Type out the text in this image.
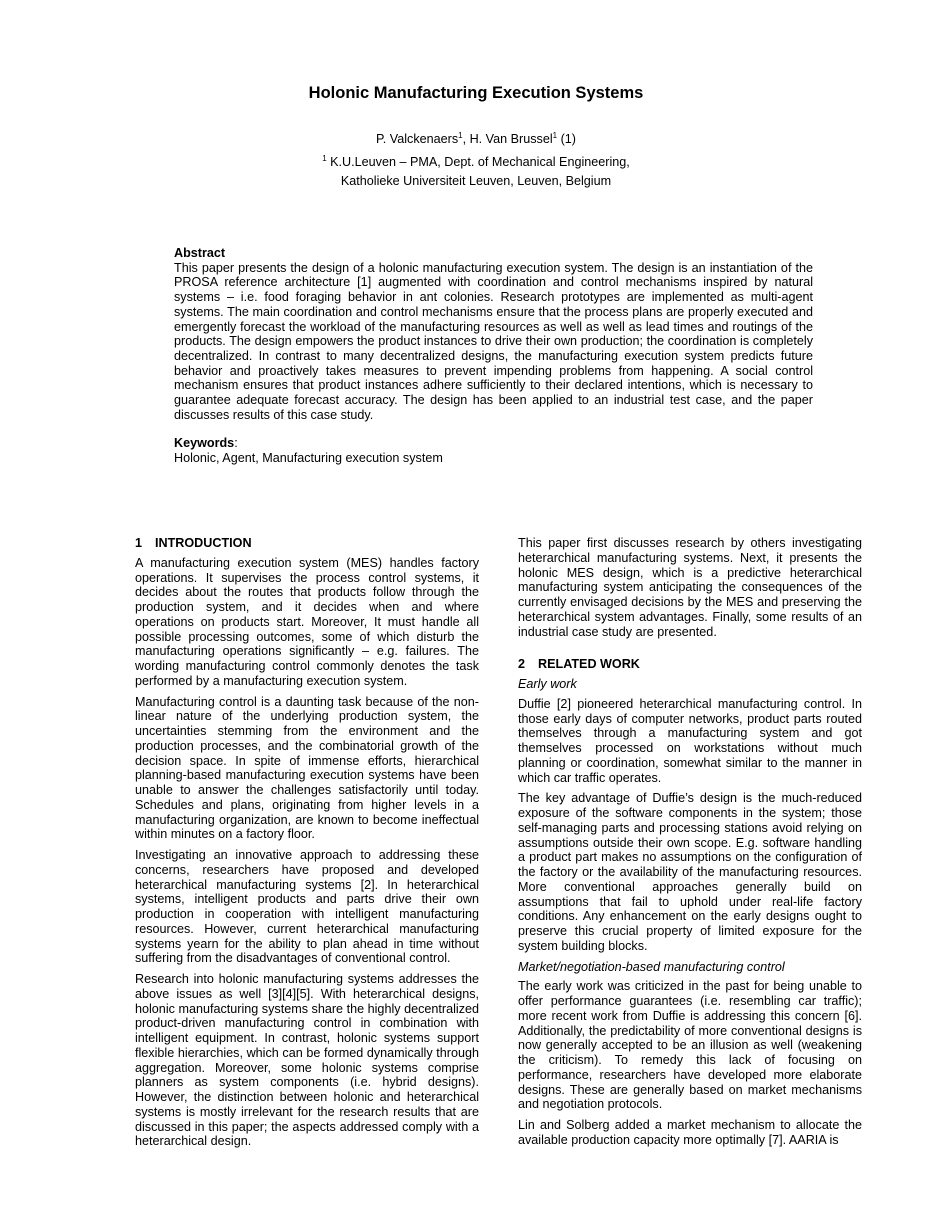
Holonic Manufacturing Execution Systems
P. Valckenaers$^1$, H. Van Brussel$^1$ (1)
$^1$ K.U.Leuven – PMA, Dept. of Mechanical Engineering,
Katholieke Universiteit Leuven, Leuven, Belgium
Abstract

This paper presents the design of a holonic manufacturing execution system. The design is an instantiation of the PROSA reference architecture [1] augmented with coordination and control mechanisms inspired by natural systems – i.e. food foraging behavior in ant colonies. Research prototypes are implemented as multi-agent systems. The main coordination and control mechanisms ensure that the process plans are properly executed and emergently forecast the workload of the manufacturing resources as well as well as lead times and routings of the products. The design empowers the product instances to drive their own production; the coordination is completely decentralized. In contrast to many decentralized designs, the manufacturing execution system predicts future behavior and proactively takes measures to prevent impending problems from happening. A social control mechanism ensures that product instances adhere sufficiently to their declared intentions, which is necessary to guarantee adequate forecast accuracy. The design has been applied to an industrial test case, and the paper discusses results of this case study.

Keywords:

Holonic, Agent, Manufacturing execution system

1 INTRODUCTION

A manufacturing execution system (MES) handles factory operations. It supervises the process control systems, it decides about the routes that products follow through the production system, and it decides when and where operations on products start. Moreover, It must handle all possible processing outcomes, some of which disturb the manufacturing operations significantly – e.g. failures. The wording manufacturing control commonly denotes the task performed by a manufacturing execution system.

Manufacturing control is a daunting task because of the non-linear nature of the underlying production system, the uncertainties stemming from the environment and the production processes, and the combinatorial growth of the decision space. In spite of immense efforts, hierarchical planning-based manufacturing execution systems have been unable to answer the challenges satisfactorily until today. Schedules and plans, originating from higher levels in a manufacturing organization, are known to become ineffectual within minutes on a factory floor.

Investigating an innovative approach to addressing these concerns, researchers have proposed and developed heterarchical manufacturing systems [2]. In heterarchical systems, intelligent products and parts drive their own production in cooperation with intelligent manufacturing resources. However, current heterarchical manufacturing systems yearn for the ability to plan ahead in time without suffering from the disadvantages of conventional control.

Research into holonic manufacturing systems addresses the above issues as well [3][4][5]. With heterarchical designs, holonic manufacturing systems share the highly decentralized product-driven manufacturing control in combination with intelligent equipment. In contrast, holonic systems support flexible hierarchies, which can be formed dynamically through aggregation. Moreover, some holonic systems comprise planners as system components (i.e. hybrid designs). However, the distinction between holonic and heterarchical systems is mostly irrelevant for the research results that are discussed in this paper; the aspects addressed comply with a heterarchical design.

This paper first discusses research by others investigating heterarchical manufacturing systems. Next, it presents the holonic MES design, which is a predictive heterarchical manufacturing system anticipating the consequences of the currently envisaged decisions by the MES and preserving the heterarchical system advantages. Finally, some results of an industrial case study are presented.

2 RELATED WORK
Early work

Duffie [2] pioneered heterarchical manufacturing control. In those early days of computer networks, product parts routed themselves through a manufacturing system and got themselves processed on workstations without much planning or coordination, somewhat similar to the manner in which car traffic operates.

The key advantage of Duffie’s design is the much-reduced exposure of the software components in the system; those self-managing parts and processing stations avoid relying on assumptions outside their own scope. E.g. software handling a product part makes no assumptions on the configuration of the factory or the availability of the manufacturing resources. More conventional approaches generally build on assumptions that fail to uphold under real-life factory conditions. Any enhancement on the early designs ought to preserve this crucial property of limited exposure for the system building blocks.

Market/negotiation-based manufacturing control

The early work was criticized in the past for being unable to offer performance guarantees (i.e. resembling car traffic); more recent work from Duffie is addressing this concern [6]. Additionally, the predictability of more conventional designs is now generally accepted to be an illusion as well (weakening the criticism). To remedy this lack of focusing on performance, researchers have developed more elaborate designs. These are generally based on market mechanisms and negotiation protocols.

Lin and Solberg added a market mechanism to allocate the available production capacity more optimally [7]. AARIA is
